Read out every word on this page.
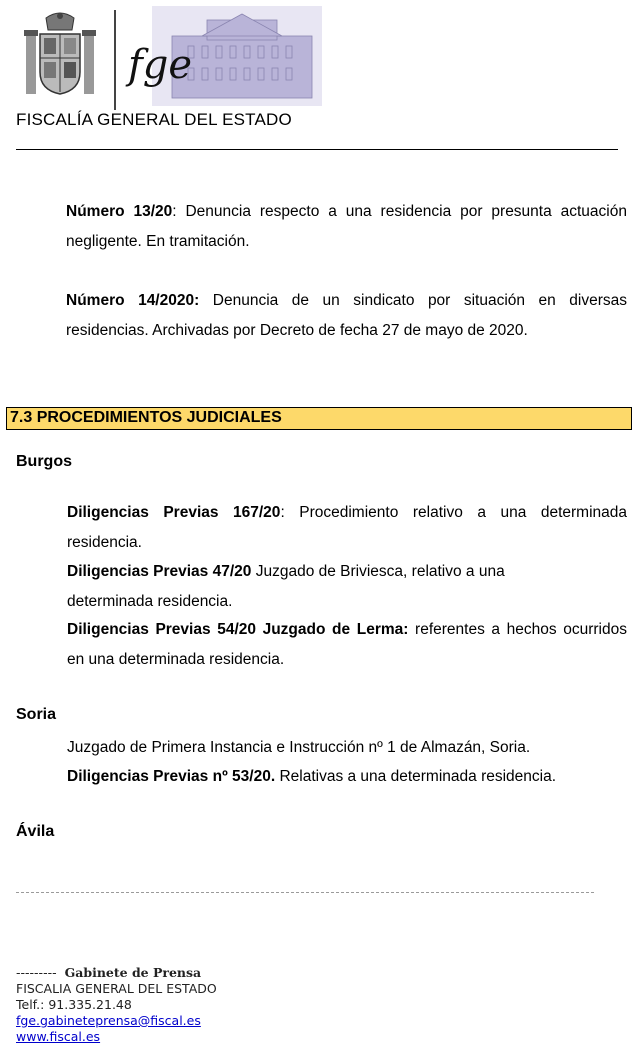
fge
FISCALÍA GENERAL DEL ESTADO
Número 13/20: Denuncia respecto a una residencia por presunta actuación negligente. En tramitación.
Número 14/2020: Denuncia de un sindicato por situación en diversas residencias. Archivadas por Decreto de fecha 27 de mayo de 2020.
7.3 PROCEDIMIENTOS JUDICIALES
Burgos
Diligencias Previas 167/20: Procedimiento relativo a una determinada residencia.
Diligencias Previas 47/20 Juzgado de Briviesca, relativo a una determinada residencia.
Diligencias Previas 54/20 Juzgado de Lerma: referentes a hechos ocurridos en una determinada residencia.
Soria
Juzgado de Primera Instancia e Instrucción nº 1 de Almazán, Soria.
Diligencias Previas nº 53/20. Relativas a una determinada residencia.
Ávila
--------- Gabinete de Prensa
FISCALIA GENERAL DEL ESTADO
Telf.: 91.335.21.48
fge.gabineteprensa@fiscal.es
www.fiscal.es
